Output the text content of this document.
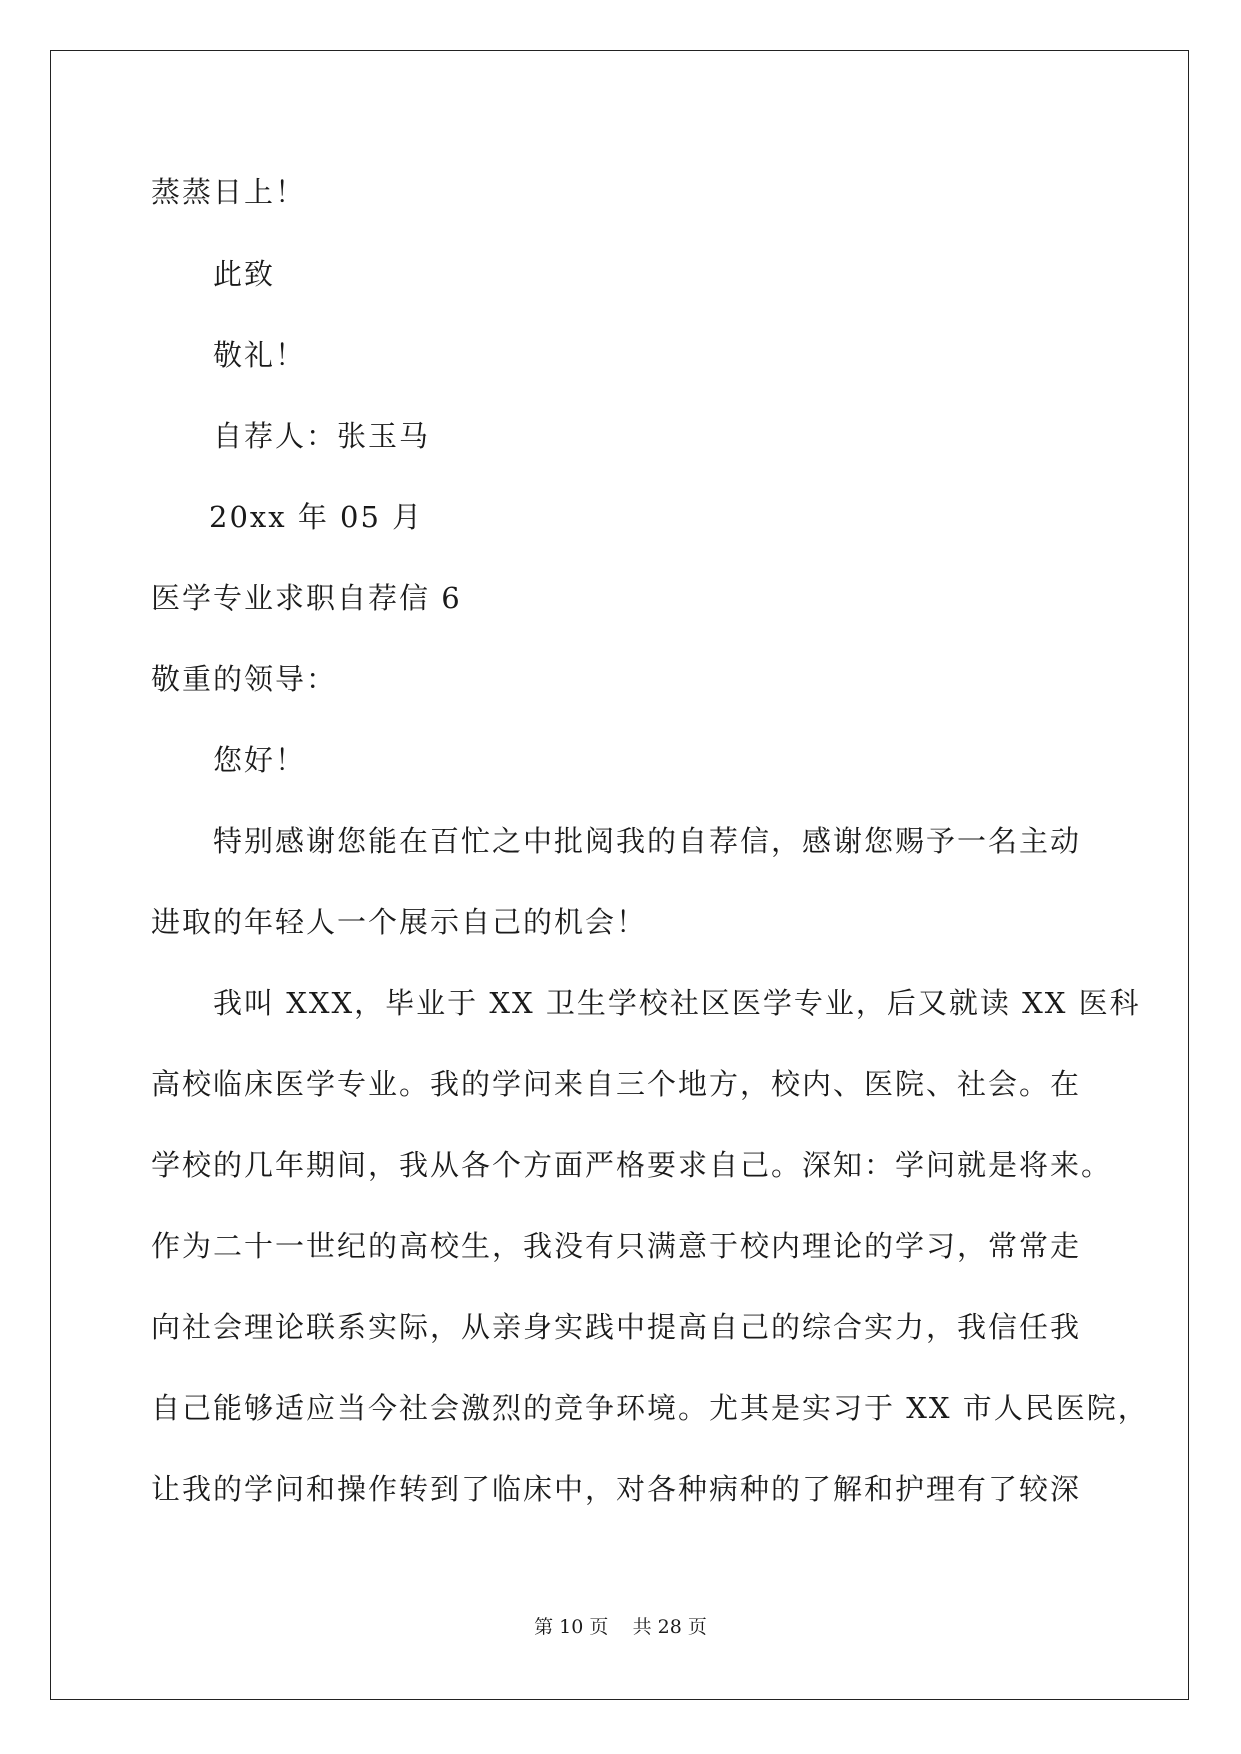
蒸蒸日上！
此致
敬礼！
自荐人：张玉马
20xx 年 05 月
医学专业求职自荐信 6
敬重的领导：
您好！
特别感谢您能在百忙之中批阅我的自荐信，感谢您赐予一名主动
进取的年轻人一个展示自己的机会！
我叫 XXX，毕业于 XX 卫生学校社区医学专业，后又就读 XX 医科
高校临床医学专业。我的学问来自三个地方，校内、医院、社会。在
学校的几年期间，我从各个方面严格要求自己。深知：学问就是将来。
作为二十一世纪的高校生，我没有只满意于校内理论的学习，常常走
向社会理论联系实际，从亲身实践中提高自己的综合实力，我信任我
自己能够适应当今社会激烈的竞争环境。尤其是实习于 XX 市人民医院，
让我的学问和操作转到了临床中，对各种病种的了解和护理有了较深
第 10 页 共 28 页
